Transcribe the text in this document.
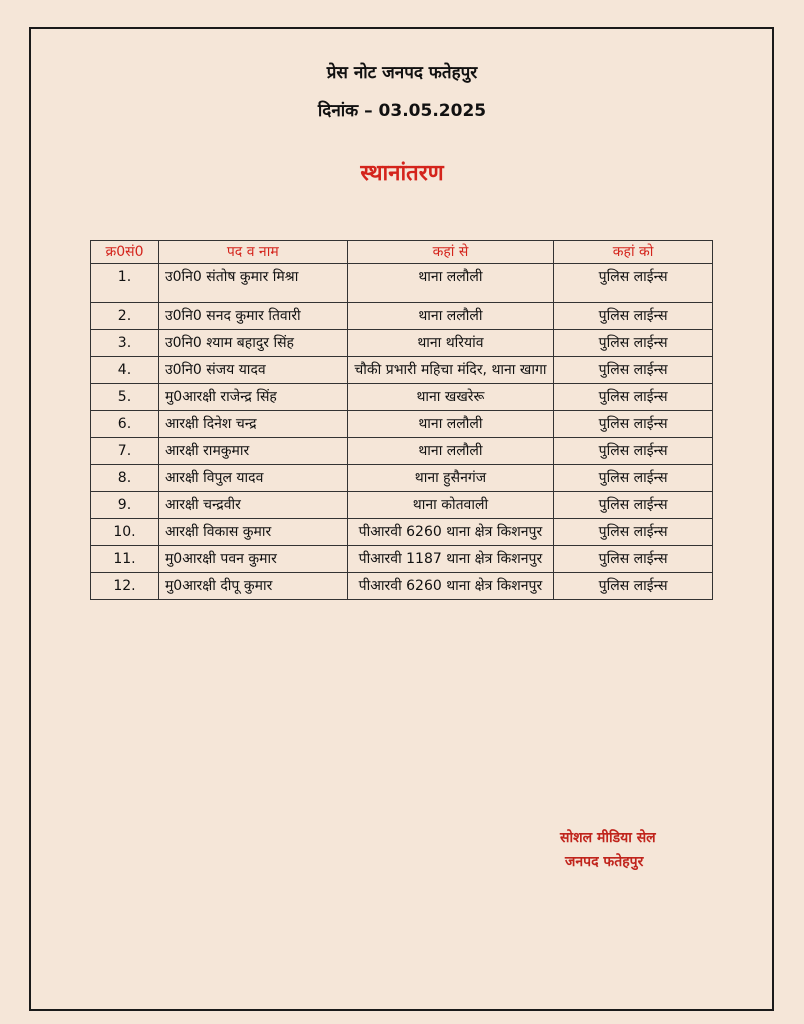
प्रेस नोट जनपद फतेहपुर
दिनांक – 03.05.2025
स्थानांतरण
क्र0सं0	पद व नाम	कहां से	कहां को
1.	उ0नि0 संतोष कुमार मिश्रा	थाना ललौली	पुलिस लाईन्स
2.	उ0नि0 सनद कुमार तिवारी	थाना ललौली	पुलिस लाईन्स
3.	उ0नि0 श्याम बहादुर सिंह	थाना थरियांव	पुलिस लाईन्स
4.	उ0नि0 संजय यादव	चौकी प्रभारी महिचा मंदिर, थाना खागा	पुलिस लाईन्स
5.	मु0आरक्षी राजेन्द्र सिंह	थाना खखरेरू	पुलिस लाईन्स
6.	आरक्षी दिनेश चन्द्र	थाना ललौली	पुलिस लाईन्स
7.	आरक्षी रामकुमार	थाना ललौली	पुलिस लाईन्स
8.	आरक्षी विपुल यादव	थाना हुसैनगंज	पुलिस लाईन्स
9.	आरक्षी चन्द्रवीर	थाना कोतवाली	पुलिस लाईन्स
10.	आरक्षी विकास कुमार	पीआरवी 6260 थाना क्षेत्र किशनपुर	पुलिस लाईन्स
11.	मु0आरक्षी पवन कुमार	पीआरवी 1187 थाना क्षेत्र किशनपुर	पुलिस लाईन्स
12.	मु0आरक्षी दीपू कुमार	पीआरवी 6260 थाना क्षेत्र किशनपुर	पुलिस लाईन्स
सोशल मीडिया सेल
जनपद फतेहपुर
